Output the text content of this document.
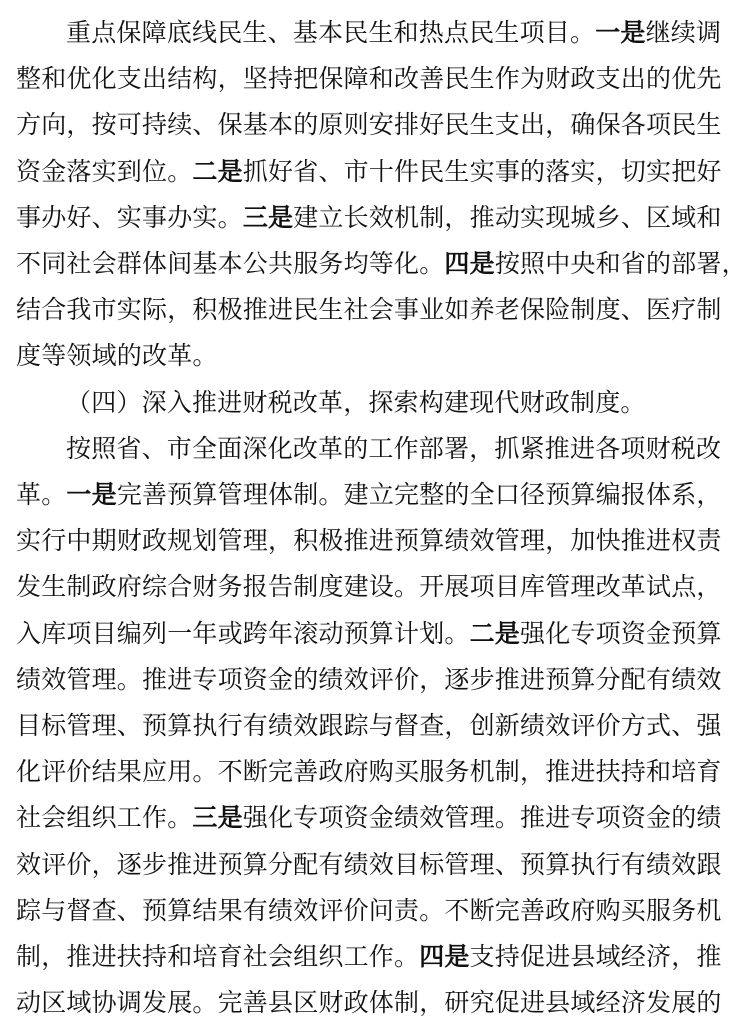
重点保障底线民生、基本民生和热点民生项目。一是继续调
整和优化支出结构，坚持把保障和改善民生作为财政支出的优先
方向，按可持续、保基本的原则安排好民生支出，确保各项民生
资金落实到位。二是抓好省、市十件民生实事的落实，切实把好
事办好、实事办实。三是建立长效机制，推动实现城乡、区域和
不同社会群体间基本公共服务均等化。四是按照中央和省的部署，
结合我市实际，积极推进民生社会事业如养老保险制度、医疗制
度等领域的改革。
（四）深入推进财税改革，探索构建现代财政制度。
按照省、市全面深化改革的工作部署，抓紧推进各项财税改
革。一是完善预算管理体制。建立完整的全口径预算编报体系，
实行中期财政规划管理，积极推进预算绩效管理，加快推进权责
发生制政府综合财务报告制度建设。开展项目库管理改革试点，
入库项目编列一年或跨年滚动预算计划。二是强化专项资金预算
绩效管理。推进专项资金的绩效评价，逐步推进预算分配有绩效
目标管理、预算执行有绩效跟踪与督查，创新绩效评价方式、强
化评价结果应用。不断完善政府购买服务机制，推进扶持和培育
社会组织工作。三是强化专项资金绩效管理。推进专项资金的绩
效评价，逐步推进预算分配有绩效目标管理、预算执行有绩效跟
踪与督查、预算结果有绩效评价问责。不断完善政府购买服务机
制，推进扶持和培育社会组织工作。四是支持促进县域经济，推
动区域协调发展。完善县区财政体制，研究促进县域经济发展的
